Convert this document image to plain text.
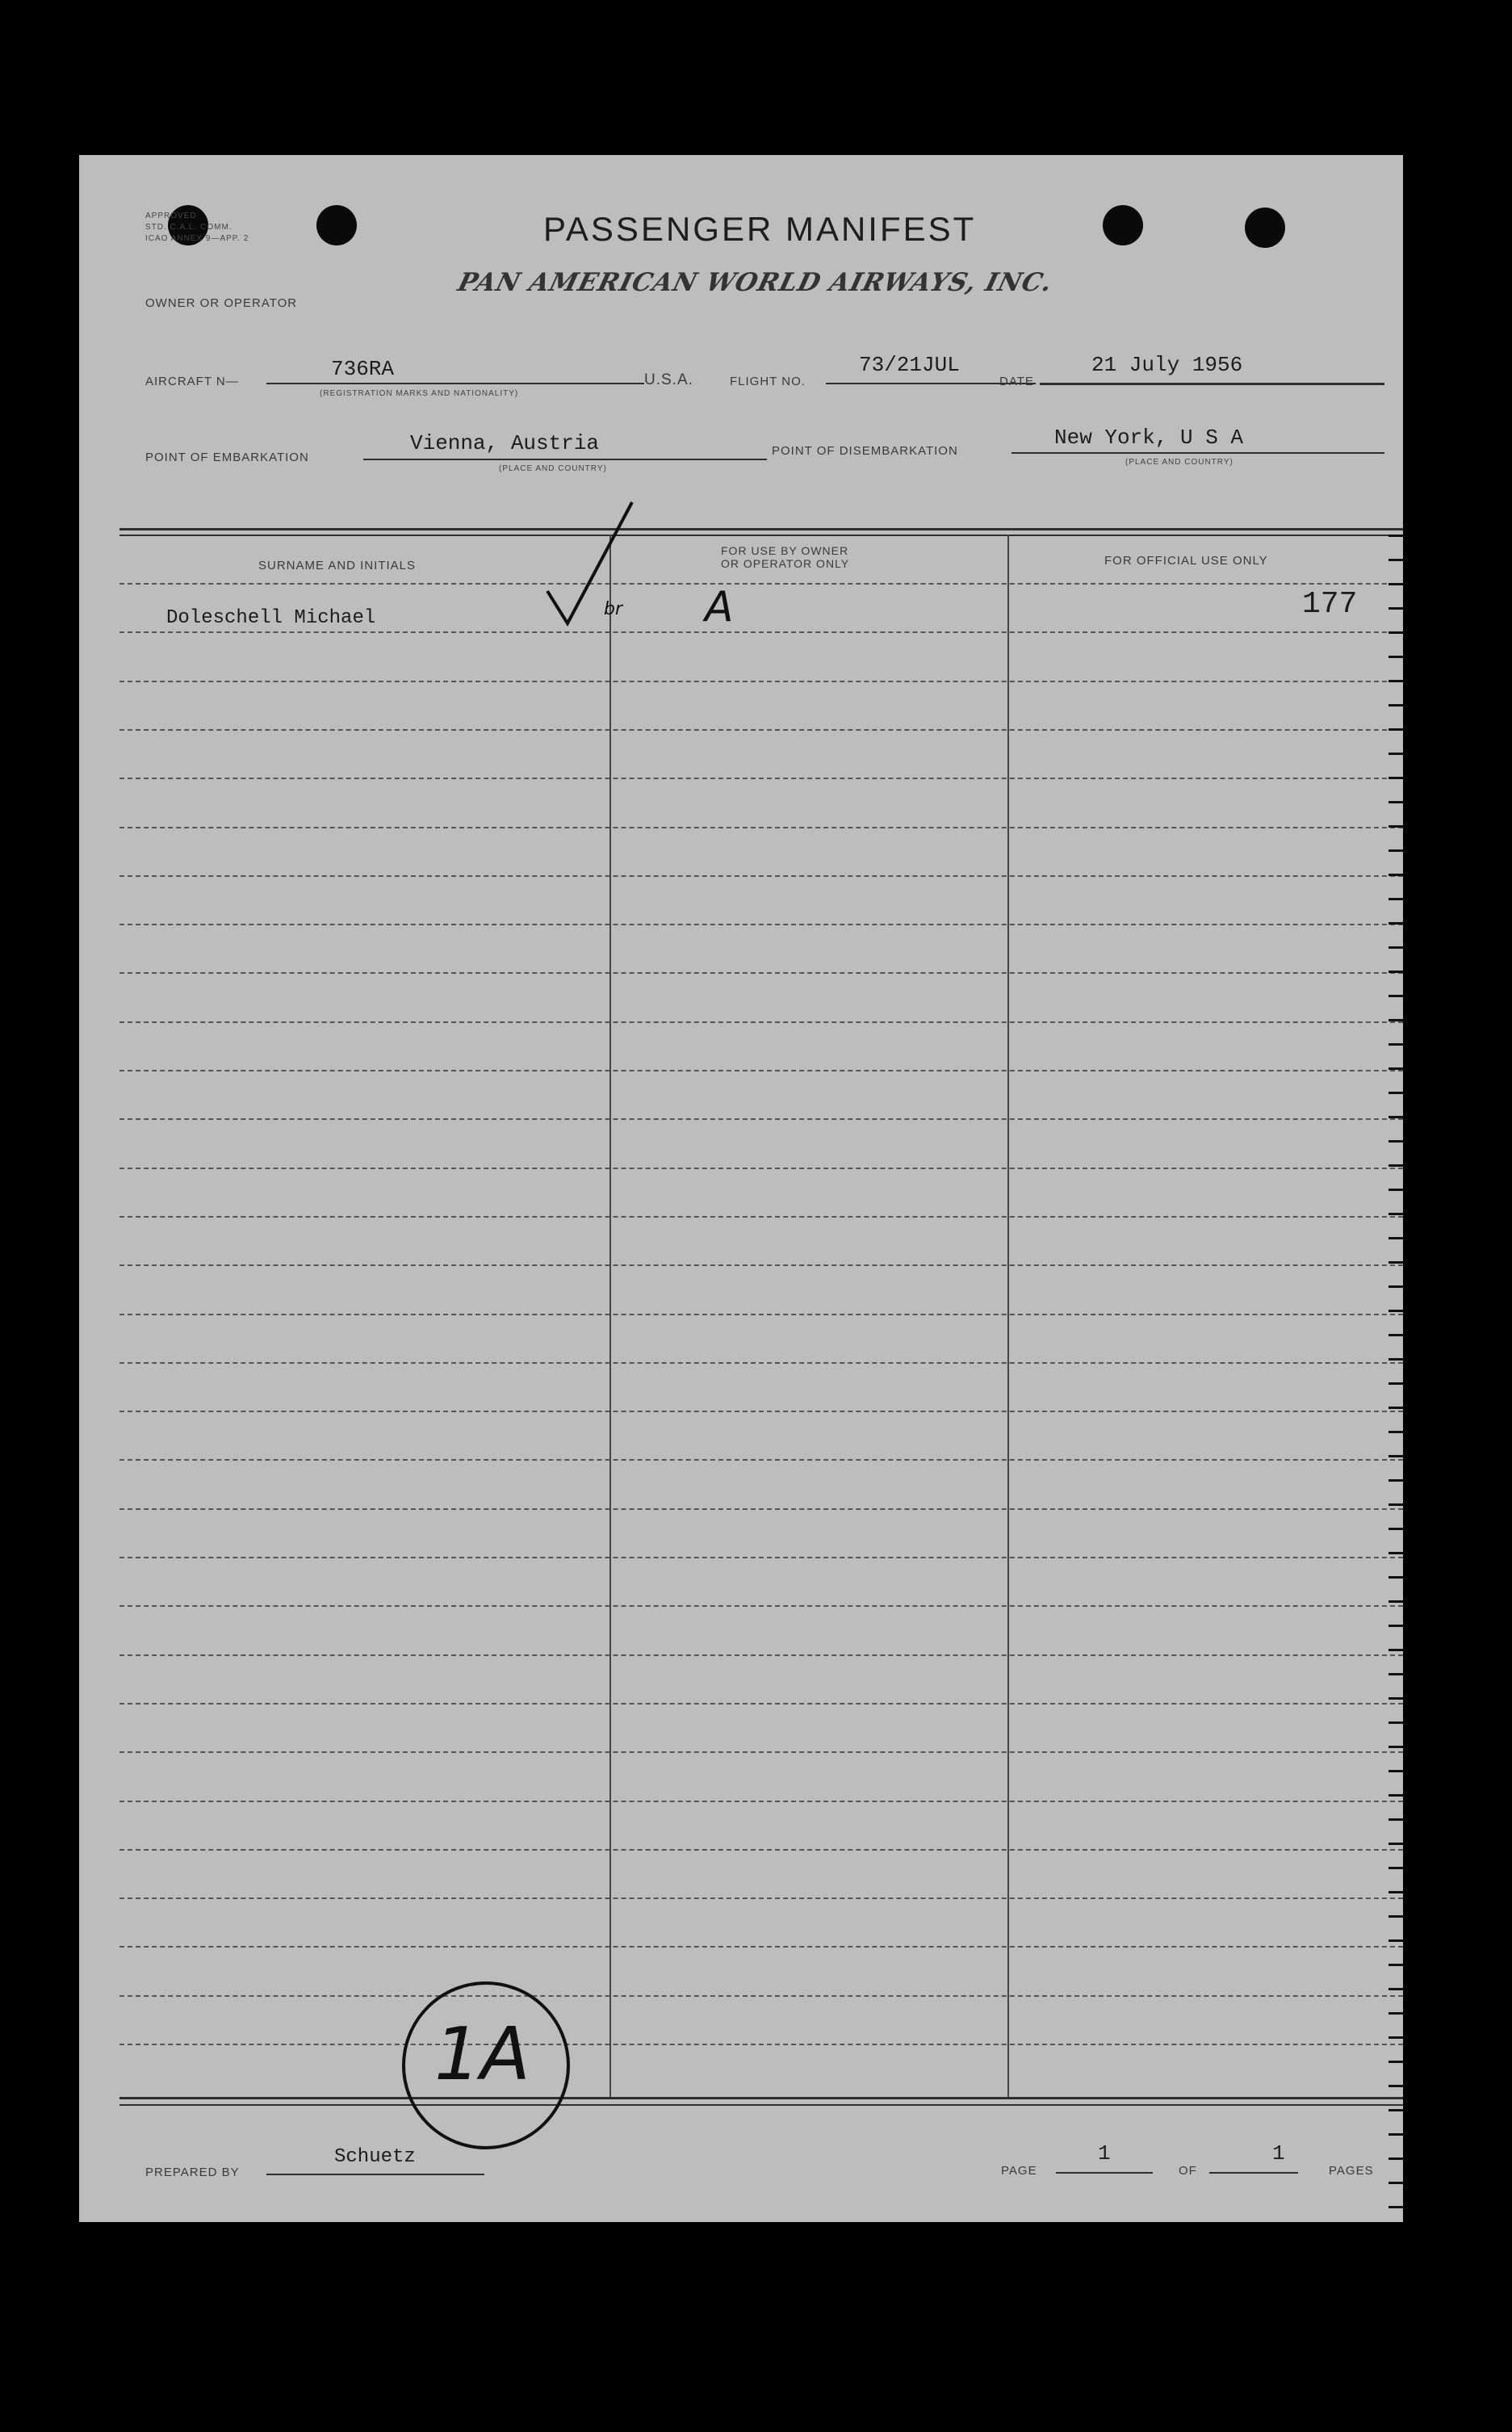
APPROVED
STD. C.A.L. COMM.
ICAO ANNEX 9—APP. 2	PASSENGER MANIFEST
OWNER OR OPERATOR
PAN AMERICAN WORLD AIRWAYS, INC.
AIRCRAFT N—
736RA
(REGISTRATION MARKS AND NATIONALITY)
U.S.A.	FLIGHT NO.
73/21JUL
DATE
21 July 1956
POINT OF EMBARKATION
Vienna, Austria
(PLACE AND COUNTRY)
POINT OF DISEMBARKATION
New York, U S A
(PLACE AND COUNTRY)
SURNAME AND INITIALS
FOR USE BY OWNER
OR OPERATOR ONLY	FOR OFFICIAL USE ONLY
Doleschell Michael	A	177
br
1A
PREPARED BY
Schuetz
PAGE
1
OF
1
PAGES
